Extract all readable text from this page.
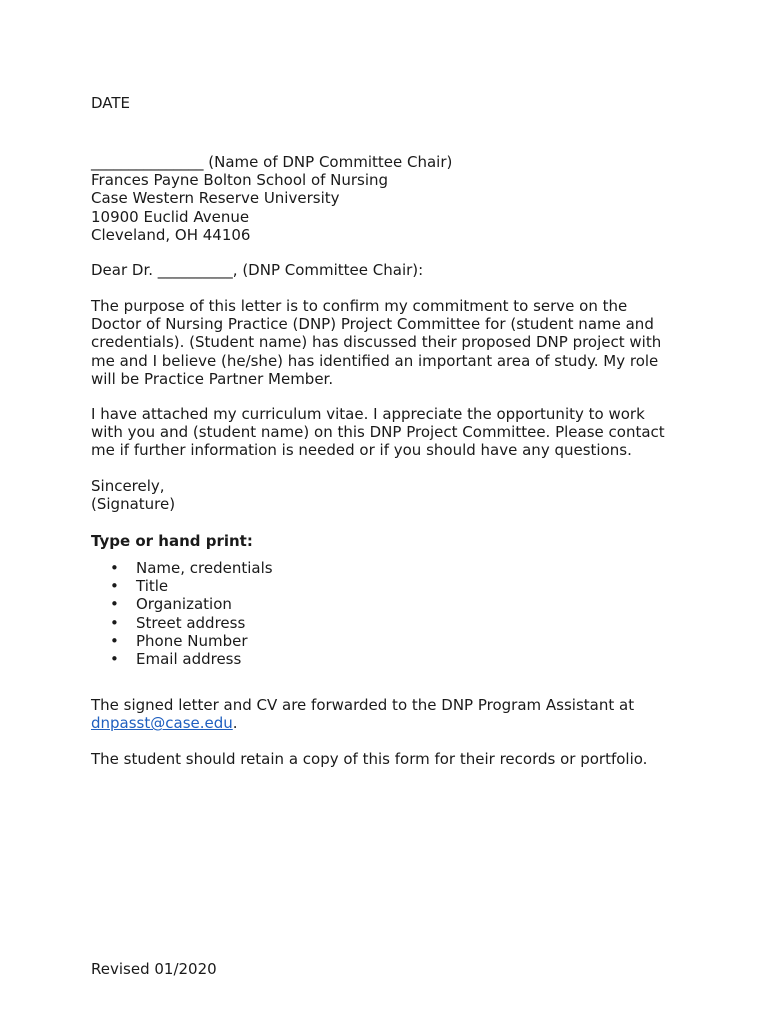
DATE
_______________ (Name of DNP Committee Chair)
Frances Payne Bolton School of Nursing
Case Western Reserve University
10900 Euclid Avenue
Cleveland, OH 44106
Dear Dr. __________, (DNP Committee Chair):
The purpose of this letter is to confirm my commitment to serve on the
Doctor of Nursing Practice (DNP) Project Committee for (student name and
credentials). (Student name) has discussed their proposed DNP project with
me and I believe (he/she) has identified an important area of study. My role
will be Practice Partner Member.
I have attached my curriculum vitae. I appreciate the opportunity to work
with you and (student name) on this DNP Project Committee. Please contact
me if further information is needed or if you should have any questions.
Sincerely,
(Signature)
Type or hand print:
• Name, credentials
• Title
• Organization
• Street address
• Phone Number
• Email address
The signed letter and CV are forwarded to the DNP Program Assistant at
dnpasst@case.edu.
The student should retain a copy of this form for their records or portfolio.
Revised 01/2020
